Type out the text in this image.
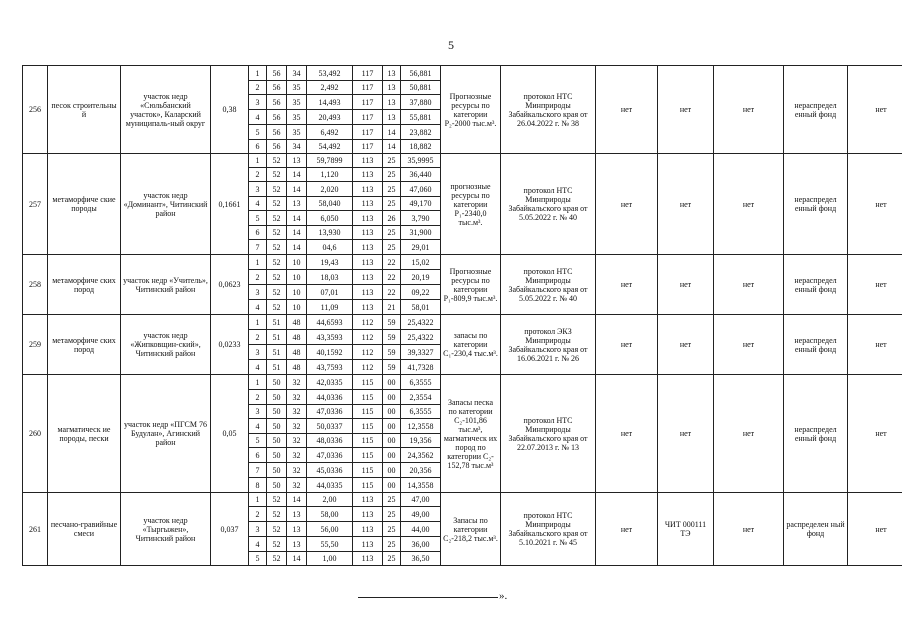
5
256	песок строительны й	участок недр «Сюльбанский участок», Каларский муниципаль-ный округ	0,38	1	56	34	53,492	117	13	56,881	Прогнозные ресурсы по категории Р₂-2000 тыс.м³.	протокол НТС Минприроды Забайкальского края от 26.04.2022 г. № 38	нет	нет	нет	нераспредел енный фонд	нет
				2	56	35	2,492	117	13	50,881							
				3	56	35	14,493	117	13	37,880							
				4	56	35	20,493	117	13	55,881							
				5	56	35	6,492	117	14	23,882							
				6	56	34	54,492	117	14	18,882							
257	метаморфиче ские породы	участок недр «Доминант», Читинский район	0,1661	1	52	13	59,7899	113	25	35,9995	прогнозные ресурсы по категории Р₁-2340,0 тыс.м³.	протокол НТС Минприроды Забайкальского края от 5.05.2022 г. № 40	нет	нет	нет	нераспредел енный фонд	нет
				2	52	14	1,120	113	25	36,440							
				3	52	14	2,020	113	25	47,060							
				4	52	13	58,040	113	25	49,170							
				5	52	14	6,050	113	26	3,790							
				6	52	14	13,930	113	25	31,900							
				7	52	14	04,6	113	25	29,01							
258	метаморфиче ских пород	участок недр «Учитель», Читинский район	0,0623	1	52	10	19,43	113	22	15,02	Прогнозные ресурсы по категории Р₁-809,9 тыс.м³.	протокол НТС Минприроды Забайкальского края от 5.05.2022 г. № 40	нет	нет	нет	нераспредел енный фонд	нет
				2	52	10	18,03	113	22	20,19							
				3	52	10	07,01	113	22	09,22							
				4	52	10	11,09	113	21	58,01							
259	метаморфиче ских пород	участок недр «Жипковщин-ский», Читинский район	0,0233	1	51	48	44,6593	112	59	25,4322	запасы по категории С₁-230,4 тыс.м³.	протокол ЭКЗ Минприроды Забайкальского края от 16.06.2021 г. № 26	нет	нет	нет	нераспредел енный фонд	нет
				2	51	48	43,3593	112	59	25,4322							
				3	51	48	40,1592	112	59	39,3327							
				4	51	48	43,7593	112	59	41,7328							
260	магматическ ие породы, пески	участок недр «ПГСМ 76 Будулан», Агинский район	0,05	1	50	32	42,0335	115	00	6,3555	Запасы песка по категории С₂-101,86 тыс.м³, магматическ их пород по категории С₂- 152,78 тыс.м³	протокол НТС Минприроды Забайкальского края от 22.07.2013 г. № 13	нет	нет	нет	нераспредел енный фонд	нет
				2	50	32	44,0336	115	00	2,3554							
				3	50	32	47,0336	115	00	6,3555							
				4	50	32	50,0337	115	00	12,3558							
				5	50	32	48,0336	115	00	19,356							
				6	50	32	47,0336	115	00	24,3562							
				7	50	32	45,0336	115	00	20,356							
				8	50	32	44,0335	115	00	14,3558							
261	песчано-гравийные смеси	участок недр «Тыргыжен», Читинский район	0,037	1	52	14	2,00	113	25	47,00	Запасы по категории С₂-218,2 тыс.м³.	протокол НТС Минприроды Забайкальского края от 5.10.2021 г. № 45	нет	ЧИТ 000111 ТЭ	нет	распределен ный фонд	нет
				2	52	13	58,00	113	25	49,00							
				3	52	13	56,00	113	25	44,00							
				4	52	13	55,50	113	25	36,00							
				5	52	14	1,00	113	25	36,50							
».
